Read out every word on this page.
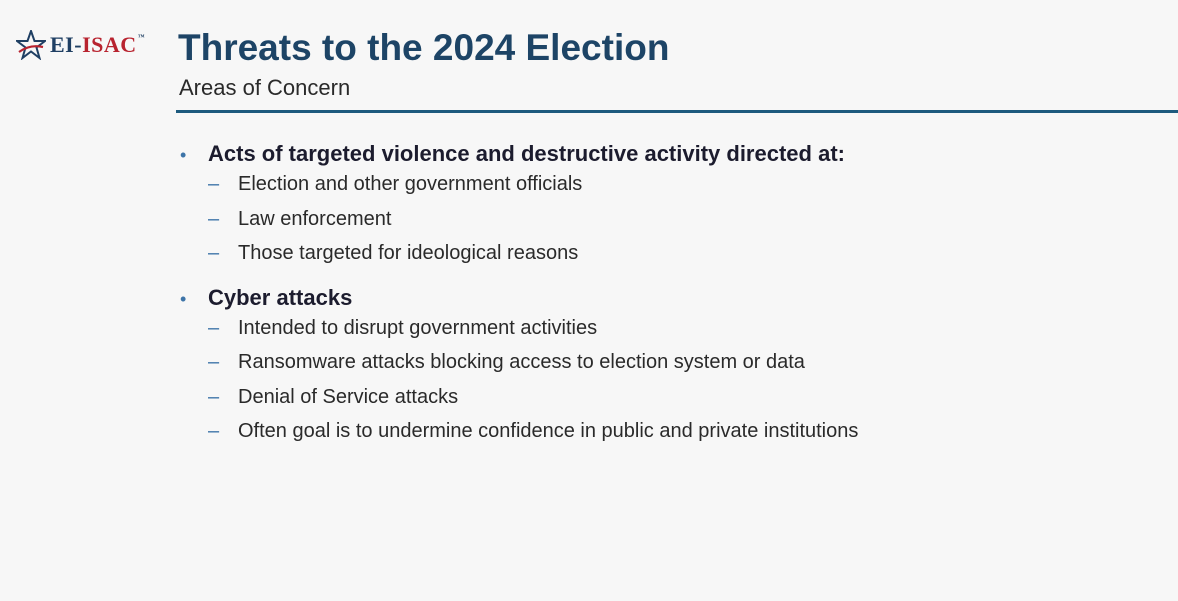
EI-ISAC™ Threats to the 2024 Election
Areas of Concern
• Acts of targeted violence and destructive activity directed at:
– Election and other government officials
– Law enforcement
– Those targeted for ideological reasons
• Cyber attacks
– Intended to disrupt government activities
– Ransomware attacks blocking access to election system or data
– Denial of Service attacks
– Often goal is to undermine confidence in public and private institutions
